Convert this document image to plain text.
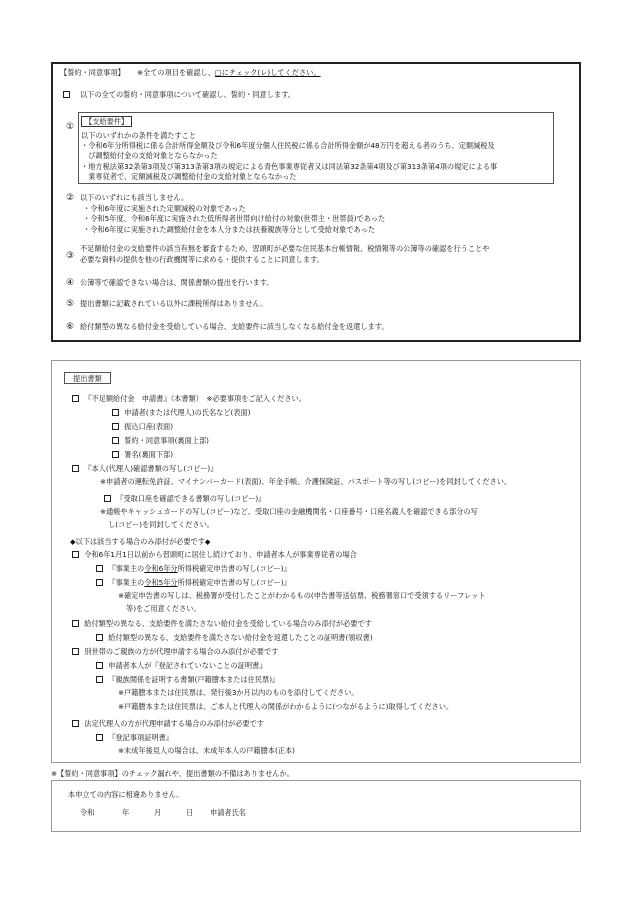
【誓約・同意事項】 ※全ての項目を確認し、□にチェック(レ)してください。
以下の全ての誓約・同意事項について確認し、誓約・同意します。
①
【支給要件】
以下のいずれかの条件を満たすこと
・令和6年分所得税に係る合計所得金額及び令和6年度分個人住民税に係る合計所得金額が48万円を超える者のうち、定額減税及
　び調整給付金の支給対象とならなかった
・地方税法第32条第3項及び第313条第3項の規定による青色事業専従者又は同法第32条第4項及び第313条第4項の規定による事
　業専従者で、定額減税及び調整給付金の支給対象とならなかった
② 以下のいずれにも該当しません。
・令和6年度に実施された定額減税の対象であった
・令和5年度、令和6年度に実施された低所得者世帯向け給付の対象(世帯主・世帯員)であった
・令和6年度に実施された調整給付金を本人分または扶養親族等分として受給対象であった
③
不足額給付金の支給要件の該当有無を審査するため、習頭町が必要な住民基本台帳情報、税情報等の公簿等の確認を行うことや
必要な資料の提供を他の行政機関等に求める・提供することに同意します。
④ 公簿等で確認できない場合は、関係書類の提出を行います。
⑤ 提出書類に記載されている以外に課税所得はありません。
⑥ 給付類型の異なる給付金を受給している場合、支給要件に該当しなくなる給付金を返還します。
提出書類
『不足額給付金　申請書』（本書類）　※必要事項をご記入ください。
申請者(または代理人)の氏名など(表面)
振込口座(表面)
誓約・同意事項(裏面上部)
署名(裏面下部)
『本人(代理人)確認書類の写し(コピー)』
※申請者の運転免許証、マイナンバーカード(表面)、年金手帳、介護保険証、パスポート等の写し(コピー)を同封してください。
『受取口座を確認できる書類の写し(コピー)』
※通帳やキャッシュカードの写し(コピー)など、受取口座の金融機関名・口座番号・口座名義人を確認できる部分の写
し(コピー)を同封してください。
◆以下は該当する場合のみ添付が必要です◆
令和6年1月1日以前から習頭町に居住し続けており、申請者本人が事業専従者の場合
『事業主の令和6年分所得税確定申告書の写し(コピー)』
『事業主の令和5年分所得税確定申告書の写し(コピー)』
※確定申告書の写しは、税務署が受付したことがわかるもの(申告書等送信票、税務署窓口で受領するリーフレット
等)をご用意ください。
給付類型の異なる、支給要件を満たさない給付金を受給している場合のみ添付が必要です
給付類型の異なる、支給要件を満たさない給付金を返還したことの証明書(領収書)
別世帯のご親族の方が代理申請する場合のみ添付が必要です
申請者本人が『登記されていないことの証明書』
『親族関係を証明する書類(戸籍謄本または住民票)』
※戸籍謄本または住民票は、発行後3か月以内のものを添付してください。
※戸籍謄本または住民票は、ご本人と代理人の関係がわかるように(つながるように)取得してください。
法定代理人の方が代理申請する場合のみ添付が必要です
『登記事項証明書』
※未成年後見人の場合は、未成年本人の戸籍謄本(正本)
※【誓約・同意事項】のチェック漏れや、提出書類の不備はありませんか。
本申立ての内容に相違ありません。
令和	年	月	日 申請者氏名
